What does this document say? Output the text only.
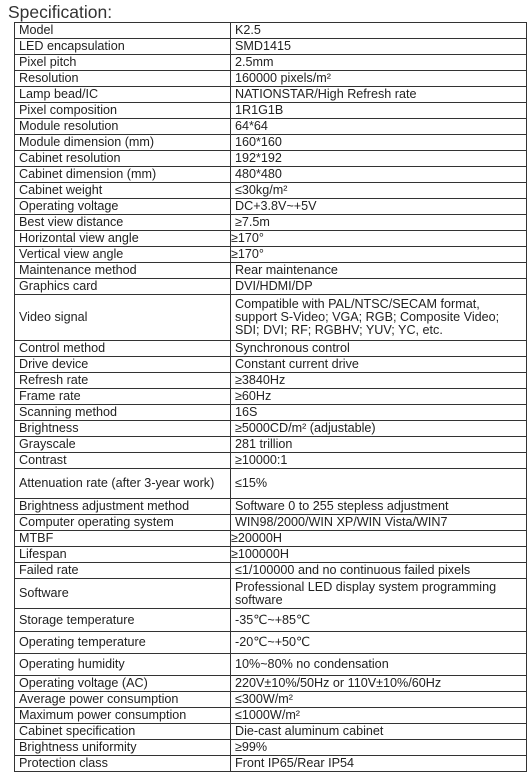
Specification:
Model	K2.5
LED encapsulation	SMD1415
Pixel pitch	2.5mm
Resolution	160000 pixels/m²
Lamp bead/IC	NATIONSTAR/High Refresh rate
Pixel composition	1R1G1B
Module resolution	64*64
Module dimension (mm)	160*160
Cabinet resolution	192*192
Cabinet dimension (mm)	480*480
Cabinet weight	≤30kg/m²
Operating voltage	DC+3.8V~+5V
Best view distance	≥7.5m
Horizontal view angle	≥170°
Vertical view angle	≥170°
Maintenance method	Rear maintenance
Graphics card	DVI/HDMI/DP
Video signal	Compatible with PAL/NTSC/SECAM format, support S-Video; VGA; RGB; Composite Video; SDI; DVI; RF; RGBHV; YUV; YC, etc.
Control method	Synchronous control
Drive device	Constant current drive
Refresh rate	≥3840Hz
Frame rate	≥60Hz
Scanning method	16S
Brightness	≥5000CD/m² (adjustable)
Grayscale	281 trillion
Contrast	≥10000:1
Attenuation rate (after 3-year work)	≤15%
Brightness adjustment method	Software 0 to 255 stepless adjustment
Computer operating system	WIN98/2000/WIN XP/WIN Vista/WIN7
MTBF	≥20000H
Lifespan	≥100000H
Failed rate	≤1/100000 and no continuous failed pixels
Software	Professional LED display system programming software
Storage temperature	-35℃~+85℃
Operating temperature	-20℃~+50℃
Operating humidity	10%~80% no condensation
Operating voltage (AC)	220V±10%/50Hz or 110V±10%/60Hz
Average power consumption	≤300W/m²
Maximum power consumption	≤1000W/m²
Cabinet specification	Die-cast aluminum cabinet
Brightness uniformity	≥99%
Protection class	Front IP65/Rear IP54
